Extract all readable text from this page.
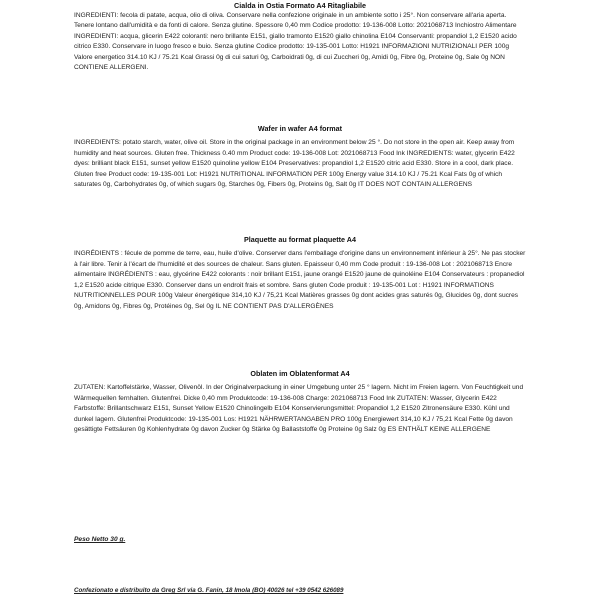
Cialda in Ostia Formato A4 Ritagliabile

INGREDIENTI: fecola di patate, acqua, olio di oliva. Conservare nella confezione originale in un ambiente sotto i 25°. Non conservare all'aria aperta. Tenere lontano dall'umidità e da fonti di calore. Senza glutine. Spessore 0,40 mm Codice prodotto: 19-136-008 Lotto: 2021068713 Inchiostro Alimentare INGREDIENTI: acqua, glicerin E422 coloranti: nero brillante E151, giallo tramonto E1520 giallo chinolina E104 Conservanti: propandiol 1,2 E1520 acido citrico E330. Conservare in luogo fresco e buio. Senza glutine Codice prodotto: 19-135-001 Lotto: H1921 INFORMAZIONI NUTRIZIONALI PER 100g Valore energetico 314.10 KJ / 75.21 Kcal Grassi 0g di cui saturi 0g, Carboidrati 0g, di cui Zuccheri 0g, Amidi 0g, Fibre 0g, Proteine 0g, Sale 0g NON CONTIENE ALLERGENI.

Wafer in wafer A4 format

INGREDIENTS: potato starch, water, olive oil. Store in the original package in an environment below 25 °. Do not store in the open air. Keep away from humidity and heat sources. Gluten free. Thickness 0.40 mm Product code: 19-136-008 Lot: 2021068713 Food Ink INGREDIENTS: water, glycerin E422 dyes: brilliant black E151, sunset yellow E1520 quinoline yellow E104 Preservatives: propandiol 1,2 E1520 citric acid E330. Store in a cool, dark place. Gluten free Product code: 19-135-001 Lot: H1921 NUTRITIONAL INFORMATION PER 100g Energy value 314.10 KJ / 75.21 Kcal Fats 0g of which saturates 0g, Carbohydrates 0g, of which sugars 0g, Starches 0g, Fibers 0g, Proteins 0g, Salt 0g IT DOES NOT CONTAIN ALLERGENS

Plaquette au format plaquette A4

INGRÉDIENTS : fécule de pomme de terre, eau, huile d'olive. Conserver dans l'emballage d'origine dans un environnement inférieur à 25°. Ne pas stocker à l'air libre. Tenir à l'écart de l'humidité et des sources de chaleur. Sans gluten. Epaisseur 0,40 mm Code produit : 19-136-008 Lot : 2021068713 Encre alimentaire INGRÉDIENTS : eau, glycérine E422 colorants : noir brillant E151, jaune orangé E1520 jaune de quinoléine E104 Conservateurs : propanediol 1,2 E1520 acide citrique E330. Conserver dans un endroit frais et sombre. Sans gluten Code produit : 19-135-001 Lot : H1921 INFORMATIONS NUTRITIONNELLES POUR 100g Valeur énergétique 314,10 KJ / 75,21 Kcal Matières grasses 0g dont acides gras saturés 0g, Glucides 0g, dont sucres 0g, Amidons 0g, Fibres 0g, Protéines 0g, Sel 0g IL NE CONTIENT PAS D'ALLERGÈNES

Oblaten im Oblatenformat A4

ZUTATEN: Kartoffelstärke, Wasser, Olivenöl. In der Originalverpackung in einer Umgebung unter 25 ° lagern. Nicht im Freien lagern. Von Feuchtigkeit und Wärmequellen fernhalten. Glutenfrei. Dicke 0,40 mm Produktcode: 19-136-008 Charge: 2021068713 Food Ink ZUTATEN: Wasser, Glycerin E422 Farbstoffe: Brillantschwarz E151, Sunset Yellow E1520 Chinolingelb E104 Konservierungsmittel: Propandiol 1,2 E1520 Zitronensäure E330. Kühl und dunkel lagern. Glutenfrei Produktcode: 19-135-001 Los: H1921 NÄHRWERTANGABEN PRO 100g Energiewert 314,10 KJ / 75,21 Kcal Fette 0g davon gesättigte Fettsäuren 0g Kohlenhydrate 0g davon Zucker 0g Stärke 0g Ballaststoffe 0g Proteine 0g Salz 0g ES ENTHÄLT KEINE ALLERGENE

Peso Netto 30 g.
Confezionato e distribuito da Greg Srl via G. Fanin, 18 Imola (BO) 40026 tel +39 0542 626089
